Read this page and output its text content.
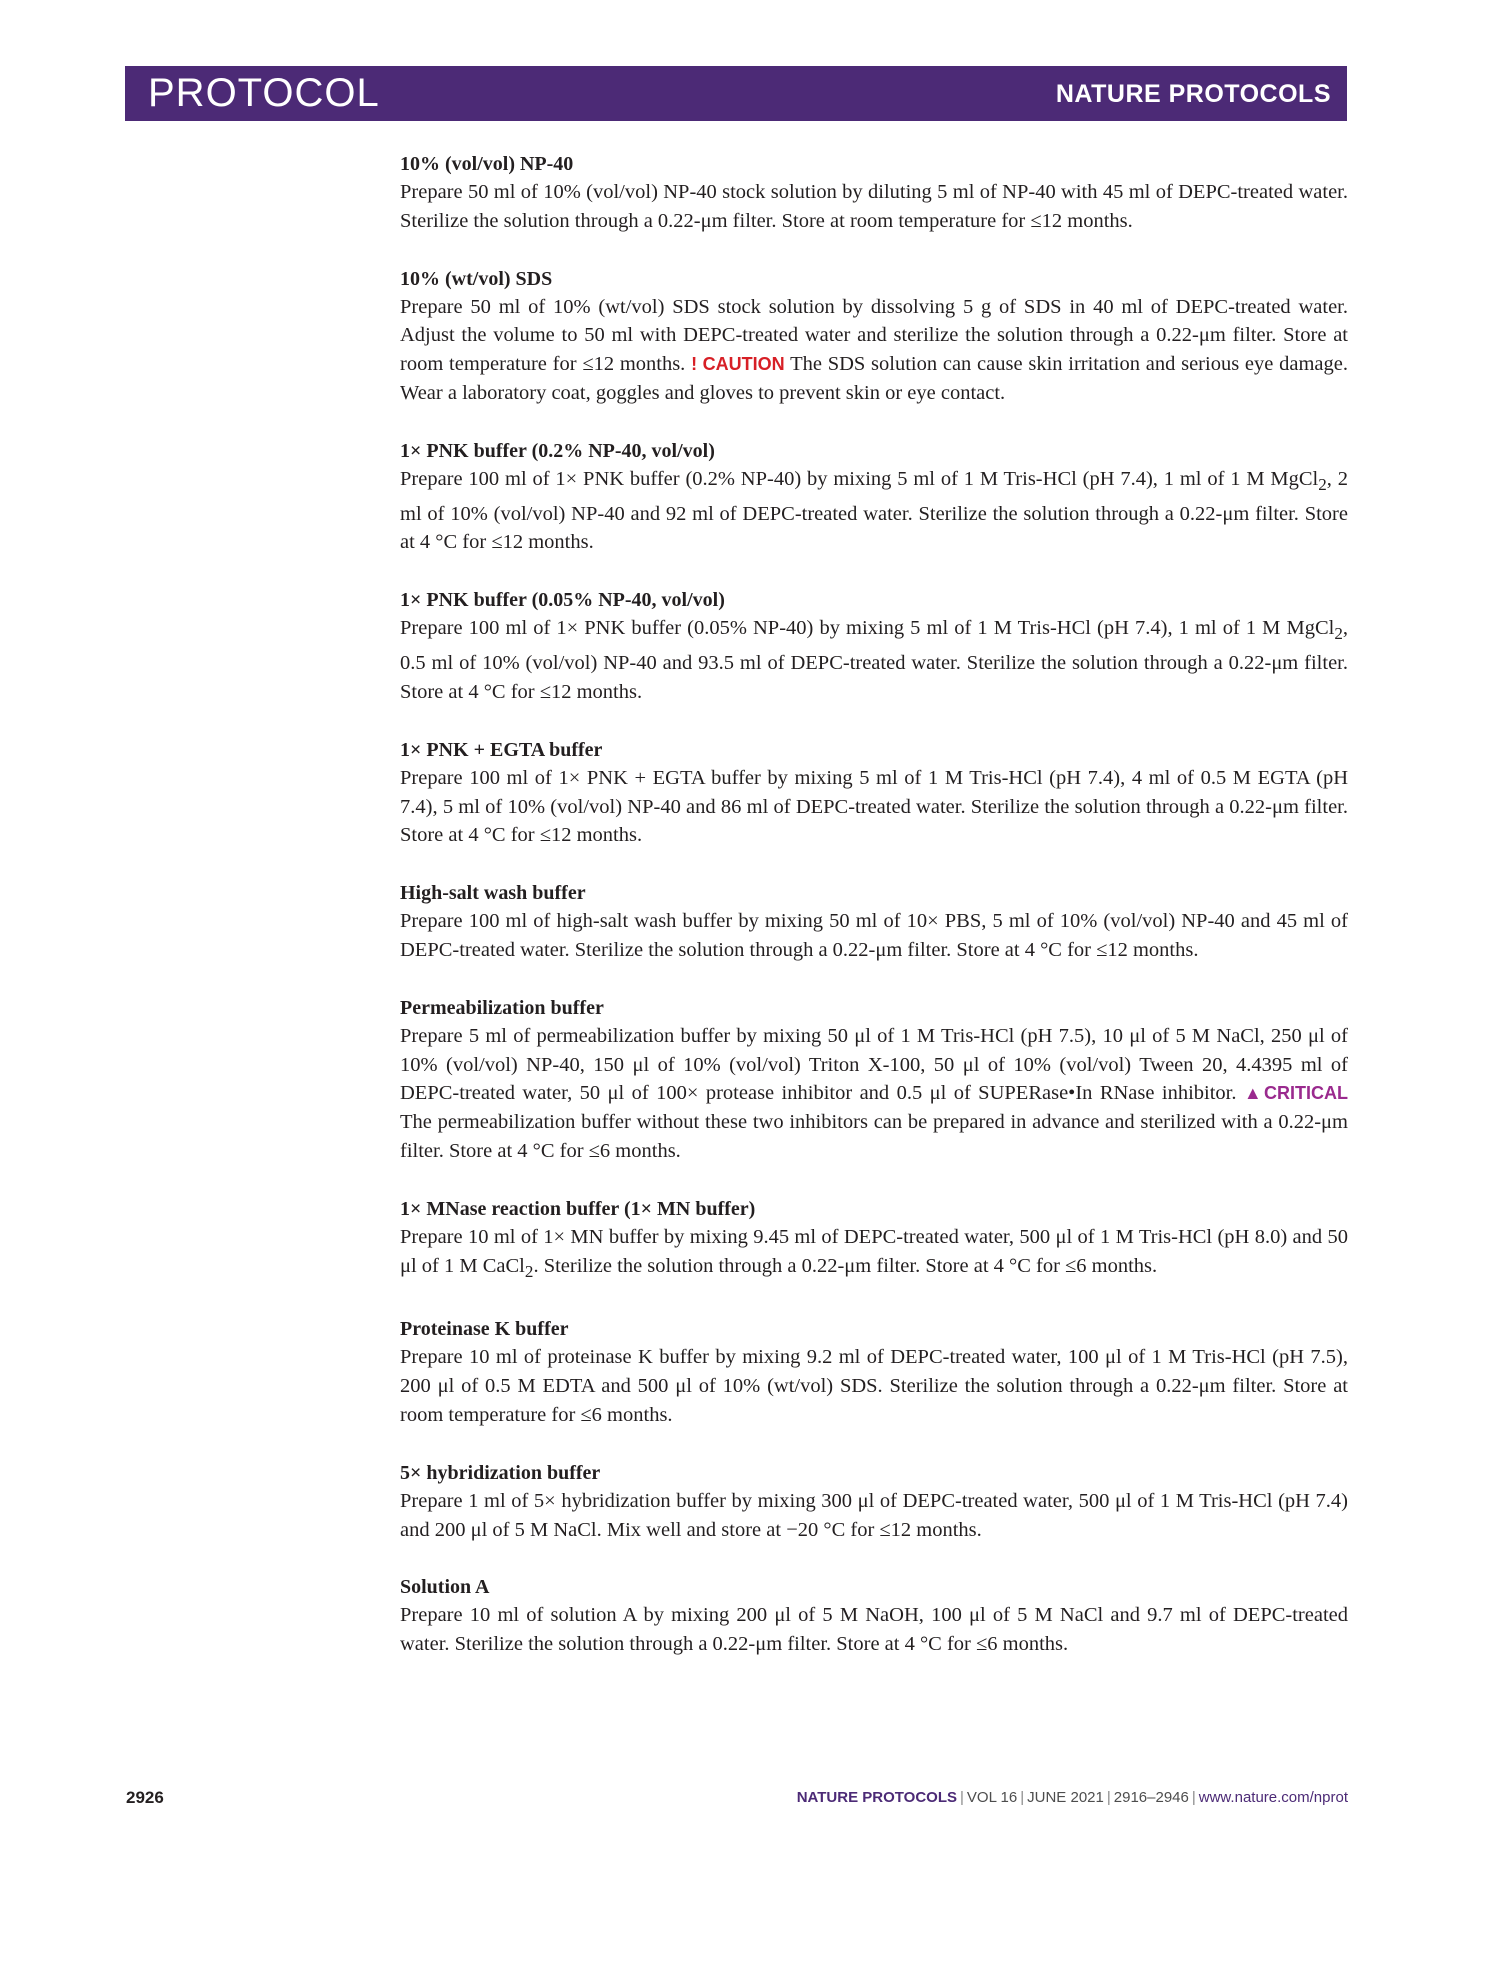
PROTOCOL	NATURE PROTOCOLS

10% (vol/vol) NP-40

Prepare 50 ml of 10% (vol/vol) NP-40 stock solution by diluting 5 ml of NP-40 with 45 ml of DEPC-treated water. Sterilize the solution through a 0.22-μm filter. Store at room temperature for ≤12 months.

10% (wt/vol) SDS

Prepare 50 ml of 10% (wt/vol) SDS stock solution by dissolving 5 g of SDS in 40 ml of DEPC-treated water. Adjust the volume to 50 ml with DEPC-treated water and sterilize the solution through a 0.22-μm filter. Store at room temperature for ≤12 months. ! CAUTION The SDS solution can cause skin irritation and serious eye damage. Wear a laboratory coat, goggles and gloves to prevent skin or eye contact.

1× PNK buffer (0.2% NP-40, vol/vol)

Prepare 100 ml of 1× PNK buffer (0.2% NP-40) by mixing 5 ml of 1 M Tris-HCl (pH 7.4), 1 ml of 1 M MgCl$_2$, 2 ml of 10% (vol/vol) NP-40 and 92 ml of DEPC-treated water. Sterilize the solution through a 0.22-μm filter. Store at 4 °C for ≤12 months.

1× PNK buffer (0.05% NP-40, vol/vol)

Prepare 100 ml of 1× PNK buffer (0.05% NP-40) by mixing 5 ml of 1 M Tris-HCl (pH 7.4), 1 ml of 1 M MgCl$_2$, 0.5 ml of 10% (vol/vol) NP-40 and 93.5 ml of DEPC-treated water. Sterilize the solution through a 0.22-μm filter. Store at 4 °C for ≤12 months.

1× PNK + EGTA buffer

Prepare 100 ml of 1× PNK + EGTA buffer by mixing 5 ml of 1 M Tris-HCl (pH 7.4), 4 ml of 0.5 M EGTA (pH 7.4), 5 ml of 10% (vol/vol) NP-40 and 86 ml of DEPC-treated water. Sterilize the solution through a 0.22-μm filter. Store at 4 °C for ≤12 months.

High-salt wash buffer

Prepare 100 ml of high-salt wash buffer by mixing 50 ml of 10× PBS, 5 ml of 10% (vol/vol) NP-40 and 45 ml of DEPC-treated water. Sterilize the solution through a 0.22-μm filter. Store at 4 °C for ≤12 months.

Permeabilization buffer

Prepare 5 ml of permeabilization buffer by mixing 50 μl of 1 M Tris-HCl (pH 7.5), 10 μl of 5 M NaCl, 250 μl of 10% (vol/vol) NP-40, 150 μl of 10% (vol/vol) Triton X-100, 50 μl of 10% (vol/vol) Tween 20, 4.4395 ml of DEPC-treated water, 50 μl of 100× protease inhibitor and 0.5 μl of SUPERase•In RNase inhibitor. ▲CRITICAL The permeabilization buffer without these two inhibitors can be prepared in advance and sterilized with a 0.22-μm filter. Store at 4 °C for ≤6 months.

1× MNase reaction buffer (1× MN buffer)

Prepare 10 ml of 1× MN buffer by mixing 9.45 ml of DEPC-treated water, 500 μl of 1 M Tris-HCl (pH 8.0) and 50 μl of 1 M CaCl$_2$. Sterilize the solution through a 0.22-μm filter. Store at 4 °C for ≤6 months.

Proteinase K buffer

Prepare 10 ml of proteinase K buffer by mixing 9.2 ml of DEPC-treated water, 100 μl of 1 M Tris-HCl (pH 7.5), 200 μl of 0.5 M EDTA and 500 μl of 10% (wt/vol) SDS. Sterilize the solution through a 0.22-μm filter. Store at room temperature for ≤6 months.

5× hybridization buffer

Prepare 1 ml of 5× hybridization buffer by mixing 300 μl of DEPC-treated water, 500 μl of 1 M Tris-HCl (pH 7.4) and 200 μl of 5 M NaCl. Mix well and store at −20 °C for ≤12 months.

Solution A

Prepare 10 ml of solution A by mixing 200 μl of 5 M NaOH, 100 μl of 5 M NaCl and 9.7 ml of DEPC-treated water. Sterilize the solution through a 0.22-μm filter. Store at 4 °C for ≤6 months.

2926	NATURE PROTOCOLS | VOL 16 | JUNE 2021 | 2916–2946 | www.nature.com/nprot
